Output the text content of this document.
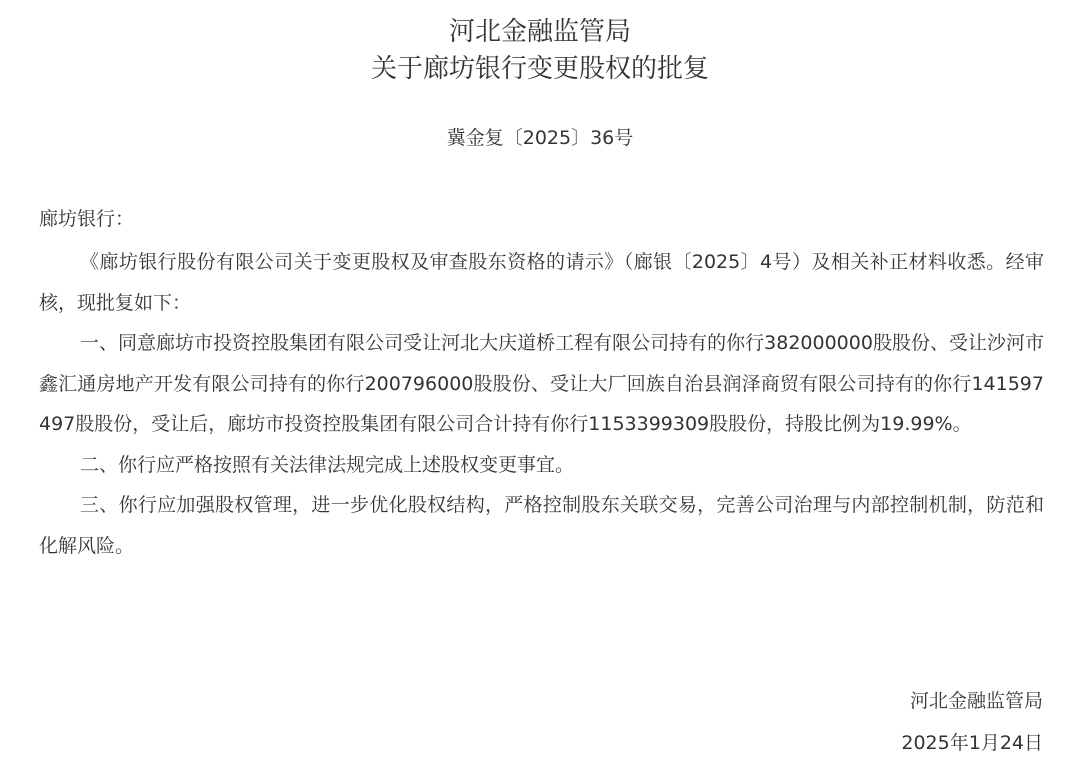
河北金融监管局
关于廊坊银行变更股权的批复
冀金复〔2025〕36号
廊坊银行：

《廊坊银行股份有限公司关于变更股权及审查股东资格的请示》（廊银〔2025〕4号）及相关补正材料收悉。经审核，现批复如下：

一、同意廊坊市投资控股集团有限公司受让河北大庆道桥工程有限公司持有的你行382000000股股份、受让沙河市鑫汇通房地产开发有限公司持有的你行200796000股股份、受让大厂回族自治县润泽商贸有限公司持有的你行141597497股股份，受让后，廊坊市投资控股集团有限公司合计持有你行1153399309股股份，持股比例为19.99%。

二、你行应严格按照有关法律法规完成上述股权变更事宜。

三、你行应加强股权管理，进一步优化股权结构，严格控制股东关联交易，完善公司治理与内部控制机制，防范和化解风险。

河北金融监管局
2025年1月24日
